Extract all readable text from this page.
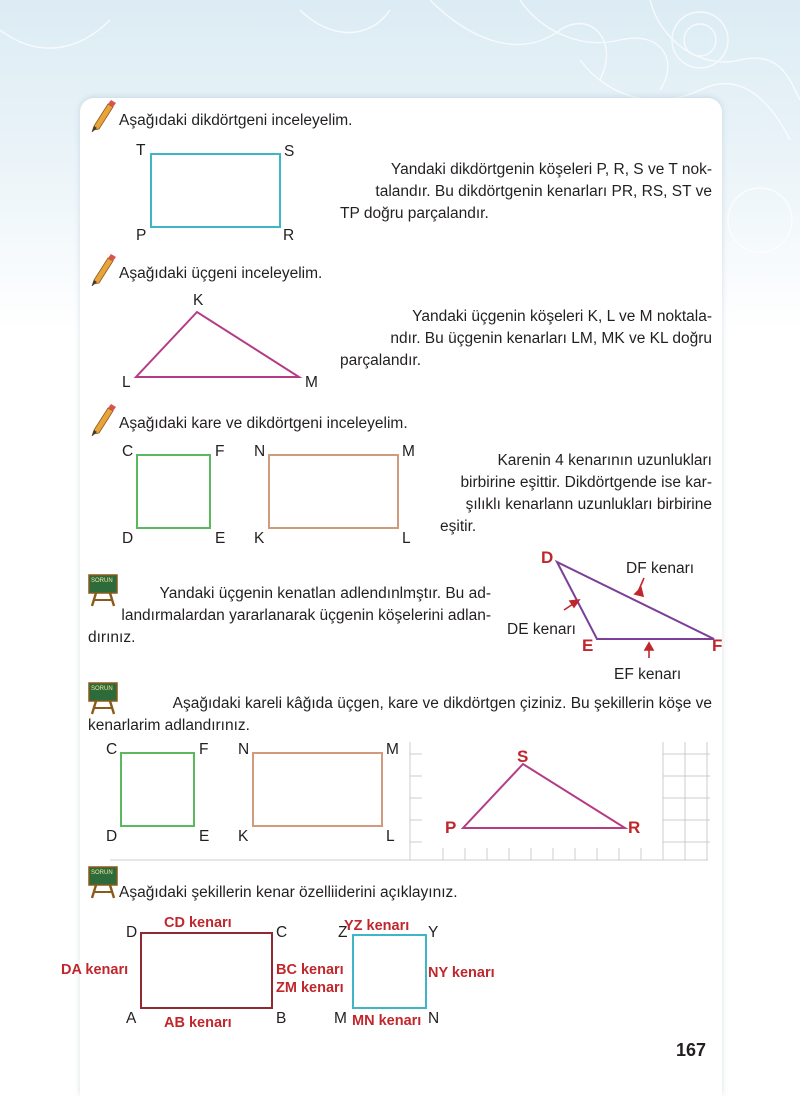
Aşağıdaki dikdörtgeni inceleyelim.
T	S
P	R
Yandaki dikdörtgenin köşeleri P, R, S ve T nok-
talandır. Bu dikdörtgenin kenarları PR, RS, ST ve
TP doğru parçalandır.
Aşağıdaki üçgeni inceleyelim.
K
L	M
Yandaki üçgenin köşeleri K, L ve M noktala-
ndır. Bu üçgenin kenarları LM, MK ve KL doğru
parçalandır.
Aşağıdaki kare ve dikdörtgeni inceleyelim.
C	F
D	E
N	M
K	L
Karenin 4 kenarının uzunlukları
birbirine eşittir. Dikdörtgende ise kar-
şılıklı kenarlann uzunlukları birbirine
eşitir.
SORUN
Yandaki üçgenin kenatlan adlendınlmştır. Bu ad-
landırmalardan yararlanarak üçgenin köşelerini adlan-
dırınız.
D
E	F
DF kenarı
DE kenarı
EF kenarı
SORUN
Aşağıdaki kareli kâğıda üçgen, kare ve dikdörtgen çiziniz. Bu şekillerin köşe ve
kenarlarim adlandırınız.
C	F
D	E
N	M
K	L
S
P	R
SORUN
Aşağıdaki şekillerin kenar özelliiderini açıklayınız.
D	C
A	B
CD kenarı
DA kenarı	BC kenarı
AB kenarı
Z	Y
M	N
YZ kenarı
ZM kenarı
NY kenarı
MN kenarı
167
